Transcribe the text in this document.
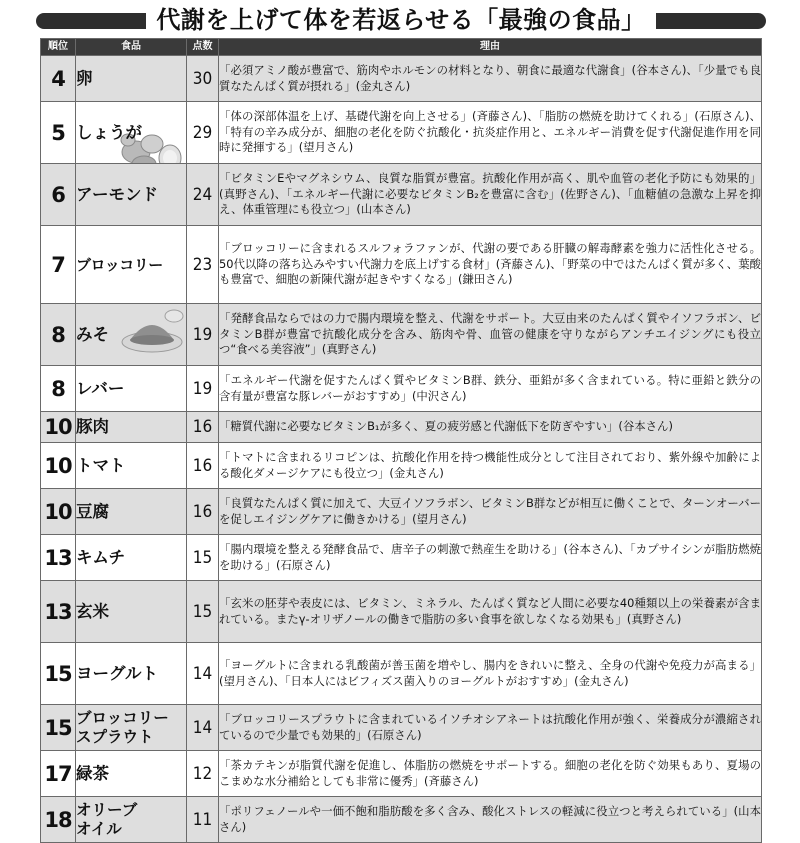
代謝を上げて体を若返らせる「最強の食品」
順位	食品	点数	理由
4	卵	30	「必須アミノ酸が豊富で、筋肉やホルモンの材料となり、朝食に最適な代謝食」(谷本さん)、「少量でも良質なたんぱく質が摂れる」(金丸さん)

5	しょうが	29	「体の深部体温を上げ、基礎代謝を向上させる」(斉藤さん)、「脂肪の燃焼を助けてくれる」(石原さん)、「特有の辛み成分が、細胞の老化を防ぐ抗酸化・抗炎症作用と、エネルギー消費を促す代謝促進作用を同時に発揮する」(望月さん)

6	アーモンド	24	「ビタミンEやマグネシウム、良質な脂質が豊富。抗酸化作用が高く、肌や血管の老化予防にも効果的」(真野さん)、「エネルギー代謝に必要なビタミンB₂を豊富に含む」(佐野さん)、「血糖値の急激な上昇を抑え、体重管理にも役立つ」(山本さん)

7	ブロッコリー	23	「ブロッコリーに含まれるスルフォラファンが、代謝の要である肝臓の解毒酵素を強力に活性化させる。50代以降の落ち込みやすい代謝力を底上げする食材」(斉藤さん)、「野菜の中ではたんぱく質が多く、葉酸も豊富で、細胞の新陳代謝が起きやすくなる」(鎌田さん)

8	みそ	19	「発酵食品ならではの力で腸内環境を整え、代謝をサポート。大豆由来のたんぱく質やイソフラボン、ビタミンB群が豊富で抗酸化成分を含み、筋肉や骨、血管の健康を守りながらアンチエイジングにも役立つ“食べる美容液”」(真野さん)

8	レバー	19	「エネルギー代謝を促すたんぱく質やビタミンB群、鉄分、亜鉛が多く含まれている。特に亜鉛と鉄分の含有量が豊富な豚レバーがおすすめ」(中沢さん)

10	豚肉	16	「糖質代謝に必要なビタミンB₁が多く、夏の疲労感と代謝低下を防ぎやすい」(谷本さん)

10	トマト	16	「トマトに含まれるリコピンは、抗酸化作用を持つ機能性成分として注目されており、紫外線や加齢による酸化ダメージケアにも役立つ」(金丸さん)

10	豆腐	16	「良質なたんぱく質に加えて、大豆イソフラボン、ビタミンB群などが相互に働くことで、ターンオーバーを促しエイジングケアに働きかける」(望月さん)

13	キムチ	15	「腸内環境を整える発酵食品で、唐辛子の刺激で熱産生を助ける」(谷本さん)、「カプサイシンが脂肪燃焼を助ける」(石原さん)

13	玄米	15	「玄米の胚芽や表皮には、ビタミン、ミネラル、たんぱく質など人間に必要な40種類以上の栄養素が含まれている。またγ-オリザノールの働きで脂肪の多い食事を欲しなくなる効果も」(真野さん)

15	ヨーグルト	14	「ヨーグルトに含まれる乳酸菌が善玉菌を増やし、腸内をきれいに整え、全身の代謝や免疫力が高まる」(望月さん)、「日本人にはビフィズス菌入りのヨーグルトがおすすめ」(金丸さん)

15	ブロッコリー
スプラウト	14	「ブロッコリースプラウトに含まれているイソチオシアネートは抗酸化作用が強く、栄養成分が濃縮されているので少量でも効果的」(石原さん)

17	緑茶	12	「茶カテキンが脂質代謝を促進し、体脂肪の燃焼をサポートする。細胞の老化を防ぐ効果もあり、夏場のこまめな水分補給としても非常に優秀」(斉藤さん)

18	オリーブ
オイル	11	「ポリフェノールや一価不飽和脂肪酸を多く含み、酸化ストレスの軽減に役立つと考えられている」(山本さん)
